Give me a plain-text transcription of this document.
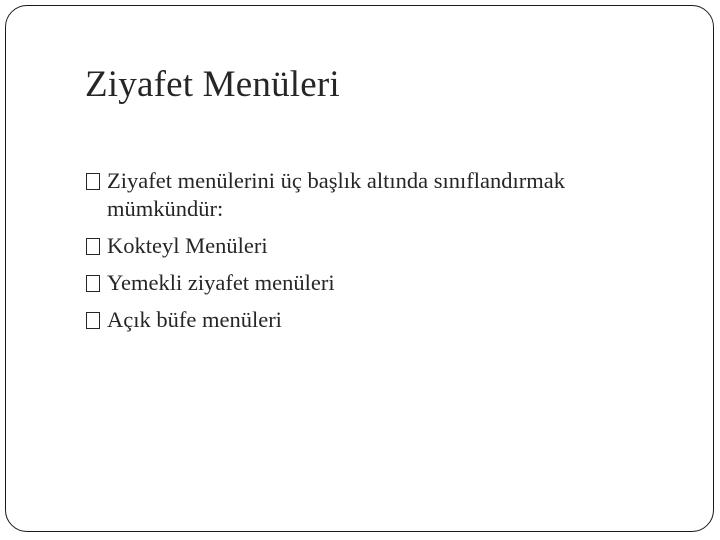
Ziyafet Menüleri
Ziyafet menülerini üç başlık altında sınıflandırmak mümkündür:
Kokteyl Menüleri
Yemekli ziyafet menüleri
Açık büfe menüleri
